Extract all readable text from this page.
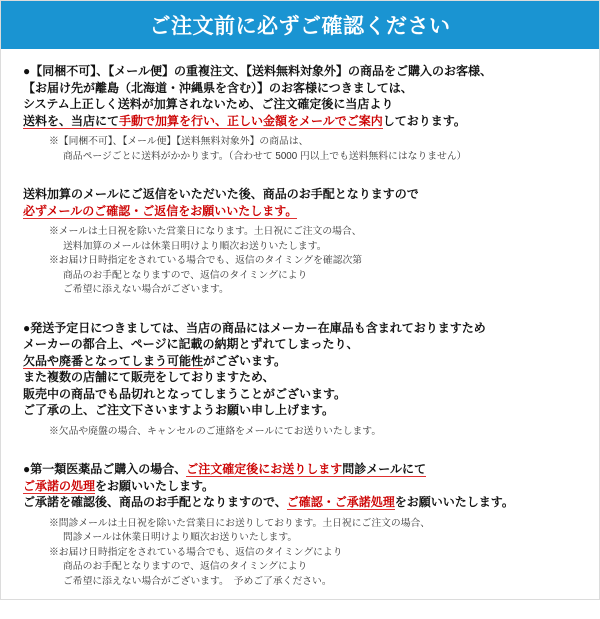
ご注文前に必ずご確認ください
●【同梱不可】、【メール便】の重複注文、【送料無料対象外】の商品をご購入のお客様、
【お届け先が離島（北海道・沖縄県を含む）】のお客様につきましては、
システム上正しく送料が加算されないため、ご注文確定後に当店より
送料を、当店にて手動で加算を行い、正しい金額をメールでご案内しております。
※【同梱不可】、【メール便】【送料無料対象外】の商品は、
商品ページごとに送料がかかります。（合わせて 5000 円以上でも送料無料にはなりません）
送料加算のメールにご返信をいただいた後、商品のお手配となりますので
必ずメールのご確認・ご返信をお願いいたします。
※メールは土日祝を除いた営業日になります。土日祝にご注文の場合、
送料加算のメールは休業日明けより順次お送りいたします。
※お届け日時指定をされている場合でも、返信のタイミングを確認次第
商品のお手配となりますので、返信のタイミングにより
ご希望に添えない場合がございます。
●発送予定日につきましては、当店の商品にはメーカー在庫品も含まれておりますため
メーカーの都合上、ページに記載の納期とずれてしまったり、
欠品や廃番となってしまう可能性がございます。
また複数の店舗にて販売をしておりますため、
販売中の商品でも品切れとなってしまうことがございます。
ご了承の上、ご注文下さいますようお願い申し上げます。
※欠品や廃盤の場合、キャンセルのご連絡をメールにてお送りいたします。
●第一類医薬品ご購入の場合、ご注文確定後にお送りします問診メールにて
ご承諾の処理をお願いいたします。
ご承諾を確認後、商品のお手配となりますので、ご確認・ご承諾処理をお願いいたします。
※問診メールは土日祝を除いた営業日にお送りしております。土日祝にご注文の場合、
問診メールは休業日明けより順次お送りいたします。
※お届け日時指定をされている場合でも、返信のタイミングにより
商品のお手配となりますので、返信のタイミングにより
ご希望に添えない場合がございます。　予めご了承ください。
